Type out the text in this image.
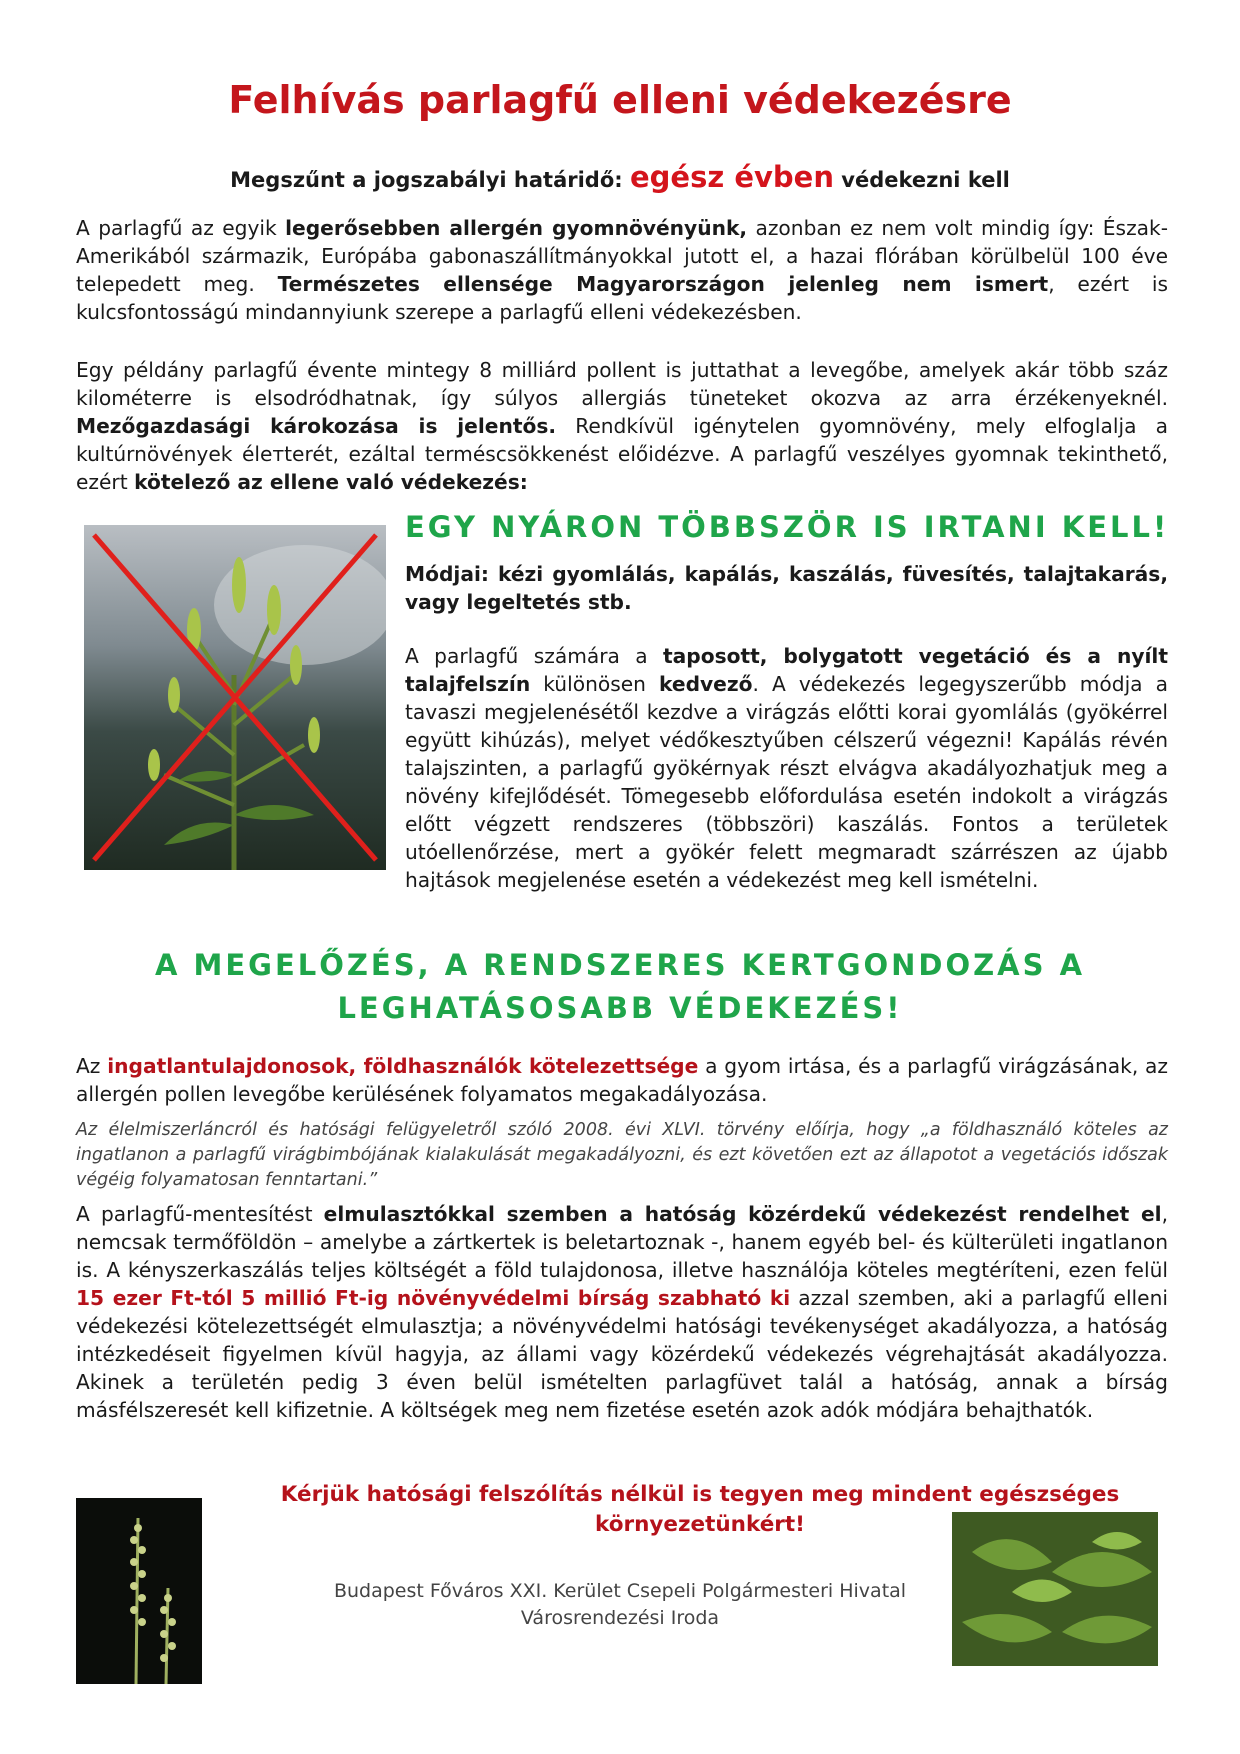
Felhívás parlagfű elleni védekezésre
Megszűnt a jogszabályi határidő: egész évben védekezni kell

A parlagfű az egyik legerősebben allergén gyomnövényünk, azonban ez nem volt mindig így: Észak-Amerikából származik, Európába gabonaszállítmányokkal jutott el, a hazai flórában körülbelül 100 éve telepedett meg. Természetes ellensége Magyarországon jelenleg nem ismert, ezért is kulcsfontosságú mindannyiunk szerepe a parlagfű elleni védekezésben.

Egy példány parlagfű évente mintegy 8 milliárd pollent is juttathat a levegőbe, amelyek akár több száz kilométerre is elsodródhatnak, így súlyos allergiás tüneteket okozva az arra érzékenyeknél. Mezőgazdasági károkozása is jelentős. Rendkívül igénytelen gyomnövény, mely elfoglalja a kultúrnövények élетterét, ezáltal terméscsökkenést előidézve. A parlagfű veszélyes gyomnak tekinthető, ezért kötelező az ellene való védekezés:

EGY NYÁRON TÖBBSZÖR IS IRTANI KELL!

Módjai: kézi gyomlálás, kapálás, kaszálás, füvesítés, talajtakarás, vagy legeltetés stb.

A parlagfű számára a taposott, bolygatott vegetáció és a nyílt talajfelszín különösen kedvező. A védekezés legegyszerűbb módja a tavaszi megjelenésétől kezdve a virágzás előtti korai gyomlálás (gyökérrel együtt kihúzás), melyet védőkesztyűben célszerű végezni! Kapálás révén talajszinten, a parlagfű gyökérnyak részt elvágva akadályozhatjuk meg a növény kifejlődését. Tömegesebb előfordulása esetén indokolt a virágzás előtt végzett rendszeres (többszöri) kaszálás. Fontos a területek utóellenőrzése, mert a gyökér felett megmaradt szárrészen az újabb hajtások megjelenése esetén a védekezést meg kell ismételni.

A MEGELŐZÉS, A RENDSZERES KERTGONDOZÁS A
LEGHATÁSOSABB VÉDEKEZÉS!

Az ingatlantulajdonosok, földhasználók kötelezettsége a gyom irtása, és a parlagfű virágzásának, az allergén pollen levegőbe kerülésének folyamatos megakadályozása.

Az élelmiszerláncról és hatósági felügyeletről szóló 2008. évi XLVI. törvény előírja, hogy „a földhasználó köteles az ingatlanon a parlagfű virágbimbójának kialakulását megakadályozni, és ezt követően ezt az állapotot a vegetációs időszak végéig folyamatosan fenntartani.”

A parlagfű-mentesítést elmulasztókkal szemben a hatóság közérdekű védekezést rendelhet el, nemcsak termőföldön – amelybe a zártkertek is beletartoznak -, hanem egyéb bel- és külterületi ingatlanon is. A kényszerkaszálás teljes költségét a föld tulajdonosa, illetve használója köteles megtéríteni, ezen felül 15 ezer Ft-tól 5 millió Ft-ig növényvédelmi bírság szabható ki azzal szemben, aki a parlagfű elleni védekezési kötelezettségét elmulasztja; a növényvédelmi hatósági tevékenységet akadályozza, a hatóság intézkedéseit figyelmen kívül hagyja, az állami vagy közérdekű védekezés végrehajtását akadályozza. Akinek a területén pedig 3 éven belül ismételten parlagfüvet talál a hatóság, annak a bírság másfélszeresét kell kifizetnie. A költségek meg nem fizetése esetén azok adók módjára behajthatók.

Kérjük hatósági felszólítás nélkül is tegyen meg mindent egészséges
környezetünkért!
Budapest Főváros XXI. Kerület Csepeli Polgármesteri Hivatal
Városrendezési Iroda
